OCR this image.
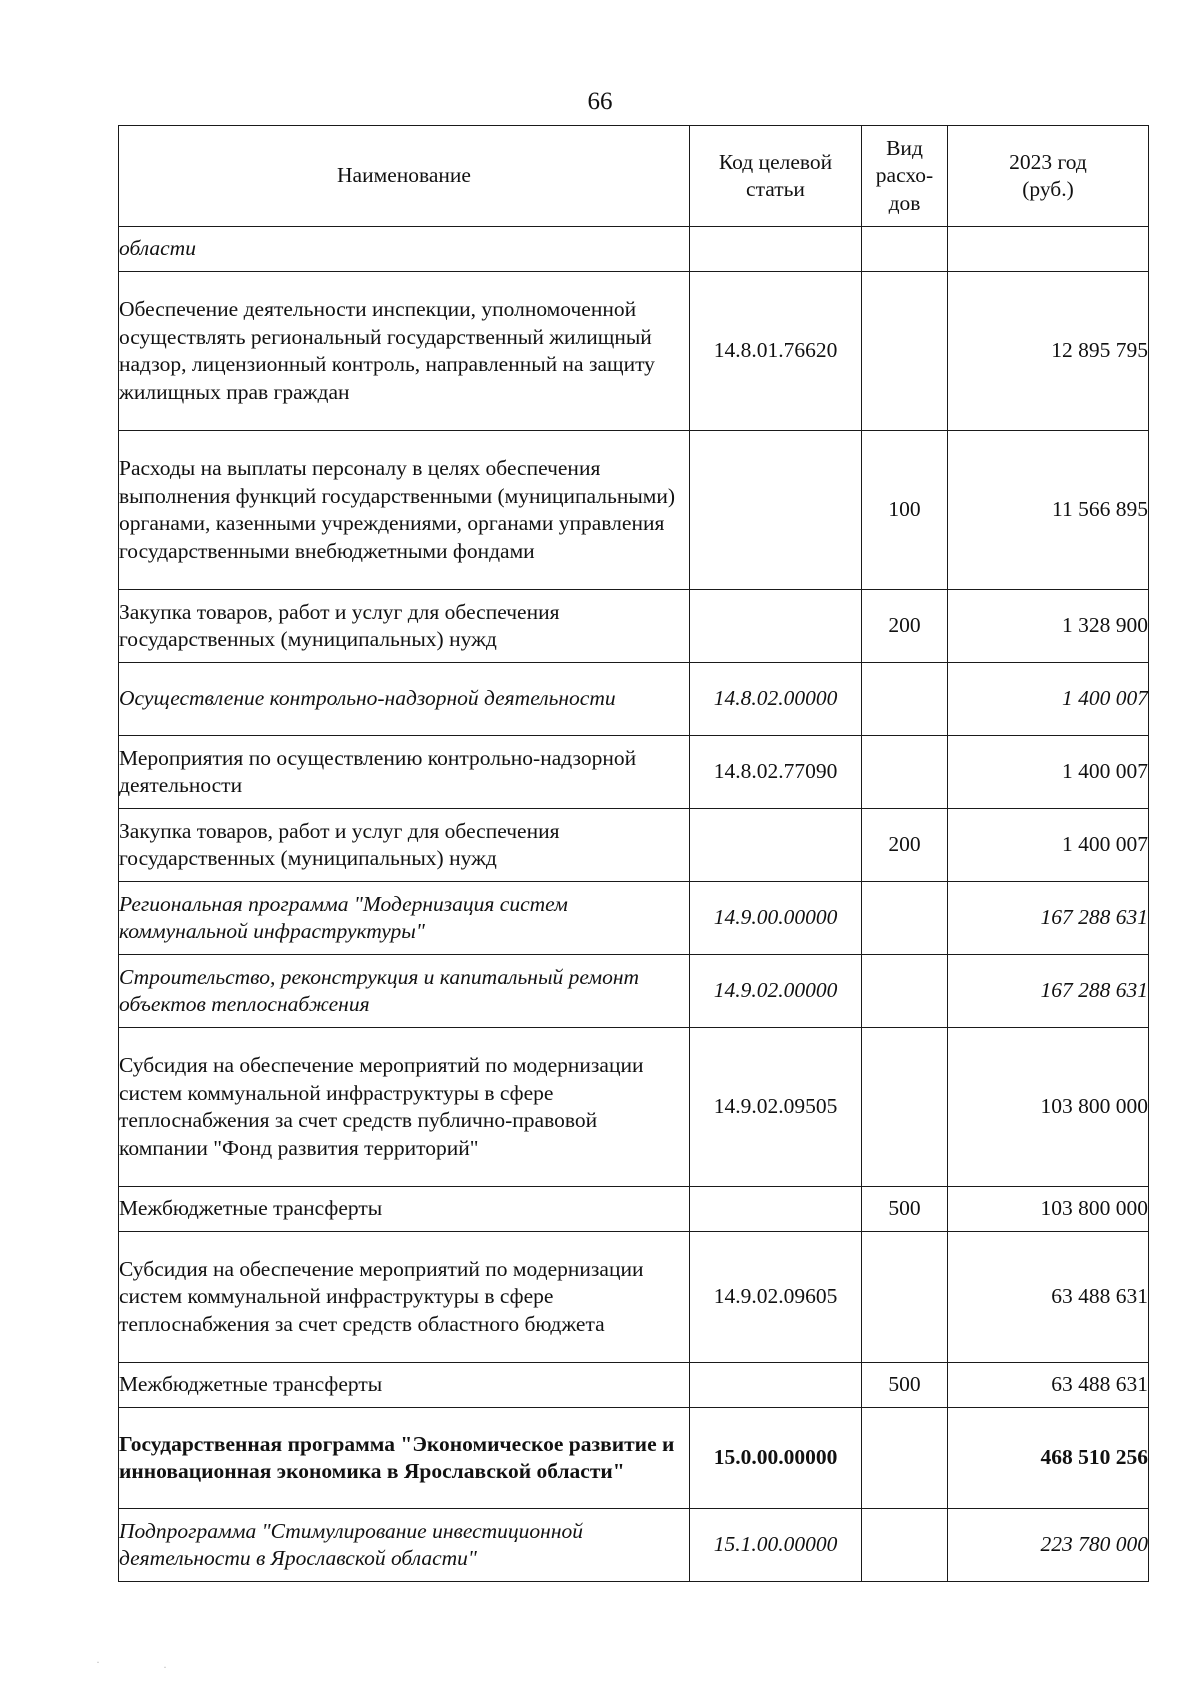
66
Наименование	Код целевой статьи	Вид расхо-дов	2023 год (руб.)
области			
Обеспечение деятельности инспекции, уполномоченной осуществлять региональный государственный жилищный надзор, лицензионный контроль, направленный на защиту жилищных прав граждан	14.8.01.76620		12 895 795
Расходы на выплаты персоналу в целях обеспечения выполнения функций государственными (муниципальными) органами, казенными учреждениями, органами управления государственными внебюджетными фондами		100	11 566 895
Закупка товаров, работ и услуг для обеспечения государственных (муниципальных) нужд		200	1 328 900
Осуществление контрольно-надзорной деятельности	14.8.02.00000		1 400 007
Мероприятия по осуществлению контрольно-надзорной деятельности	14.8.02.77090		1 400 007
Закупка товаров, работ и услуг для обеспечения государственных (муниципальных) нужд		200	1 400 007
Региональная программа "Модернизация систем коммунальной инфраструктуры"	14.9.00.00000		167 288 631
Строительство, реконструкция и капитальный ремонт объектов теплоснабжения	14.9.02.00000		167 288 631
Субсидия на обеспечение мероприятий по модернизации систем коммунальной инфраструктуры в сфере теплоснабжения за счет средств публично-правовой компании "Фонд развития территорий"	14.9.02.09505		103 800 000
Межбюджетные трансферты		500	103 800 000
Субсидия на обеспечение мероприятий по модернизации систем коммунальной инфраструктуры в сфере теплоснабжения за счет средств областного бюджета	14.9.02.09605		63 488 631
Межбюджетные трансферты		500	63 488 631
Государственная программа "Экономическое развитие и инновационная экономика в Ярославской области"	15.0.00.00000		468 510 256
Подпрограмма "Стимулирование инвестиционной деятельности в Ярославской области"	15.1.00.00000		223 780 000
·	·
